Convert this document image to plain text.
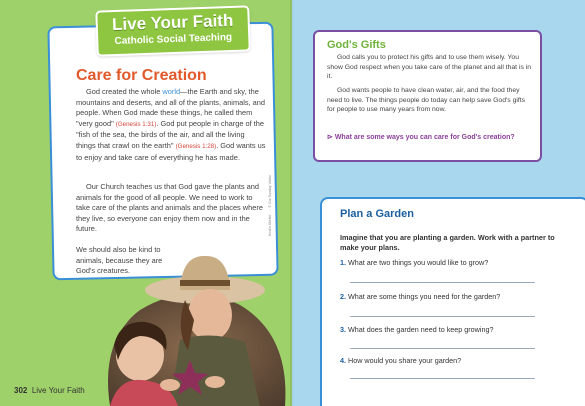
Live Your Faith
Catholic Social Teaching
Care for Creation
God created the whole world—the Earth and sky, the mountains and deserts, and all of the plants, animals, and people. When God made these things, he called them "very good" (Genesis 1:31). God put people in charge of the "fish of the sea, the birds of the air, and all the living things that crawl on the earth" (Genesis 1:28). God wants us to enjoy and take care of everything he has made.
Our Church teaches us that God gave the plants and animals for the good of all people. We need to work to take care of the plants and animals and the places where they live, so everyone can enjoy them now and in the future.
We should also be kind to
animals, because they are
God's creatures.
Kristin Stiefel/ ... · © Our Sunday Visitor
302 Live Your Faith

God's Gifts
God calls you to protect his gifts and to use them wisely. You show God respect when you take care of the planet and all that is in it.
God wants people to have clean water, air, and the food they need to live. The things people do today can help save God's gifts for people to use many years from now.
⊳ What are some ways you can care for God's creation?
Plan a Garden
Imagine that you are planting a garden. Work with a partner to make your plans.
1. What are two things you would like to grow?
2. What are some things you need for the garden?
3. What does the garden need to keep growing?
4. How would you share your garden?
